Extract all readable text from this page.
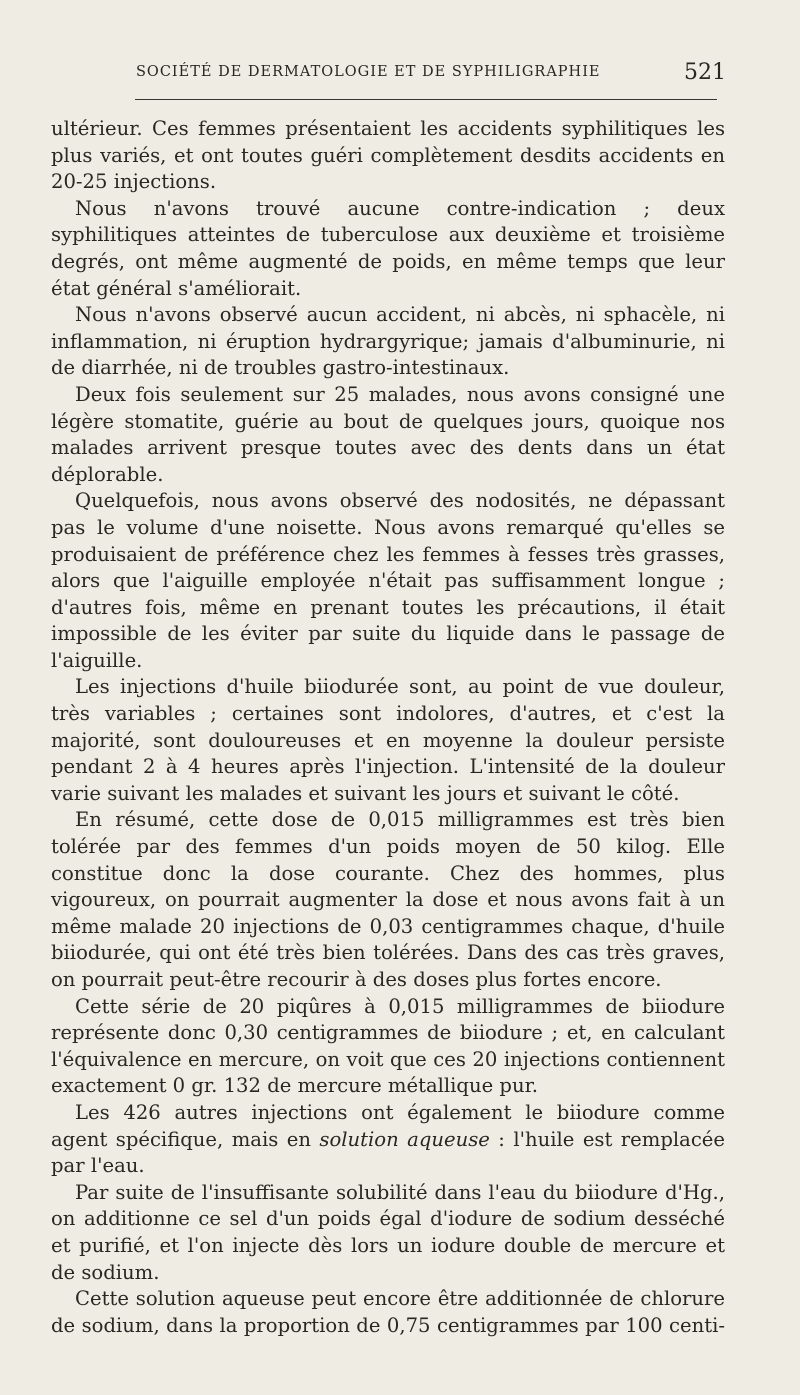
SOCIÉTÉ DE DERMATOLOGIE ET DE SYPHILIGRAPHIE	521

ultérieur. Ces femmes présentaient les accidents syphilitiques les plus variés, et ont toutes guéri complètement desdits accidents en 20-25 injections.

Nous n'avons trouvé aucune contre-indication ; deux syphilitiques atteintes de tuberculose aux deuxième et troisième degrés, ont même augmenté de poids, en même temps que leur état général s'améliorait.

Nous n'avons observé aucun accident, ni abcès, ni sphacèle, ni inflammation, ni éruption hydrargyrique; jamais d'albuminurie, ni de diarrhée, ni de troubles gastro-intestinaux.

Deux fois seulement sur 25 malades, nous avons consigné une légère stomatite, guérie au bout de quelques jours, quoique nos malades arrivent presque toutes avec des dents dans un état déplorable.

Quelquefois, nous avons observé des nodosités, ne dépassant pas le volume d'une noisette. Nous avons remarqué qu'elles se produisaient de préférence chez les femmes à fesses très grasses, alors que l'aiguille employée n'était pas suffisamment longue ; d'autres fois, même en prenant toutes les précautions, il était impossible de les éviter par suite du liquide dans le passage de l'aiguille.

Les injections d'huile biiodurée sont, au point de vue douleur, très variables ; certaines sont indolores, d'autres, et c'est la majorité, sont douloureuses et en moyenne la douleur persiste pendant 2 à 4 heures après l'injection. L'intensité de la douleur varie suivant les malades et suivant les jours et suivant le côté.

En résumé, cette dose de 0,015 milligrammes est très bien tolérée par des femmes d'un poids moyen de 50 kilog. Elle constitue donc la dose courante. Chez des hommes, plus vigoureux, on pourrait augmenter la dose et nous avons fait à un même malade 20 injections de 0,03 centigrammes chaque, d'huile biiodurée, qui ont été très bien tolérées. Dans des cas très graves, on pourrait peut-être recourir à des doses plus fortes encore.

Cette série de 20 piqûres à 0,015 milligrammes de biiodure représente donc 0,30 centigrammes de biiodure ; et, en calculant l'équivalence en mercure, on voit que ces 20 injections contiennent exactement 0 gr. 132 de mercure métallique pur.

Les 426 autres injections ont également le biiodure comme agent spécifique, mais en solution aqueuse : l'huile est remplacée par l'eau.

Par suite de l'insuffisante solubilité dans l'eau du biiodure d'Hg., on additionne ce sel d'un poids égal d'iodure de sodium desséché et purifié, et l'on injecte dès lors un iodure double de mercure et de sodium.

Cette solution aqueuse peut encore être additionnée de chlorure de sodium, dans la proportion de 0,75 centigrammes par 100 centi-
